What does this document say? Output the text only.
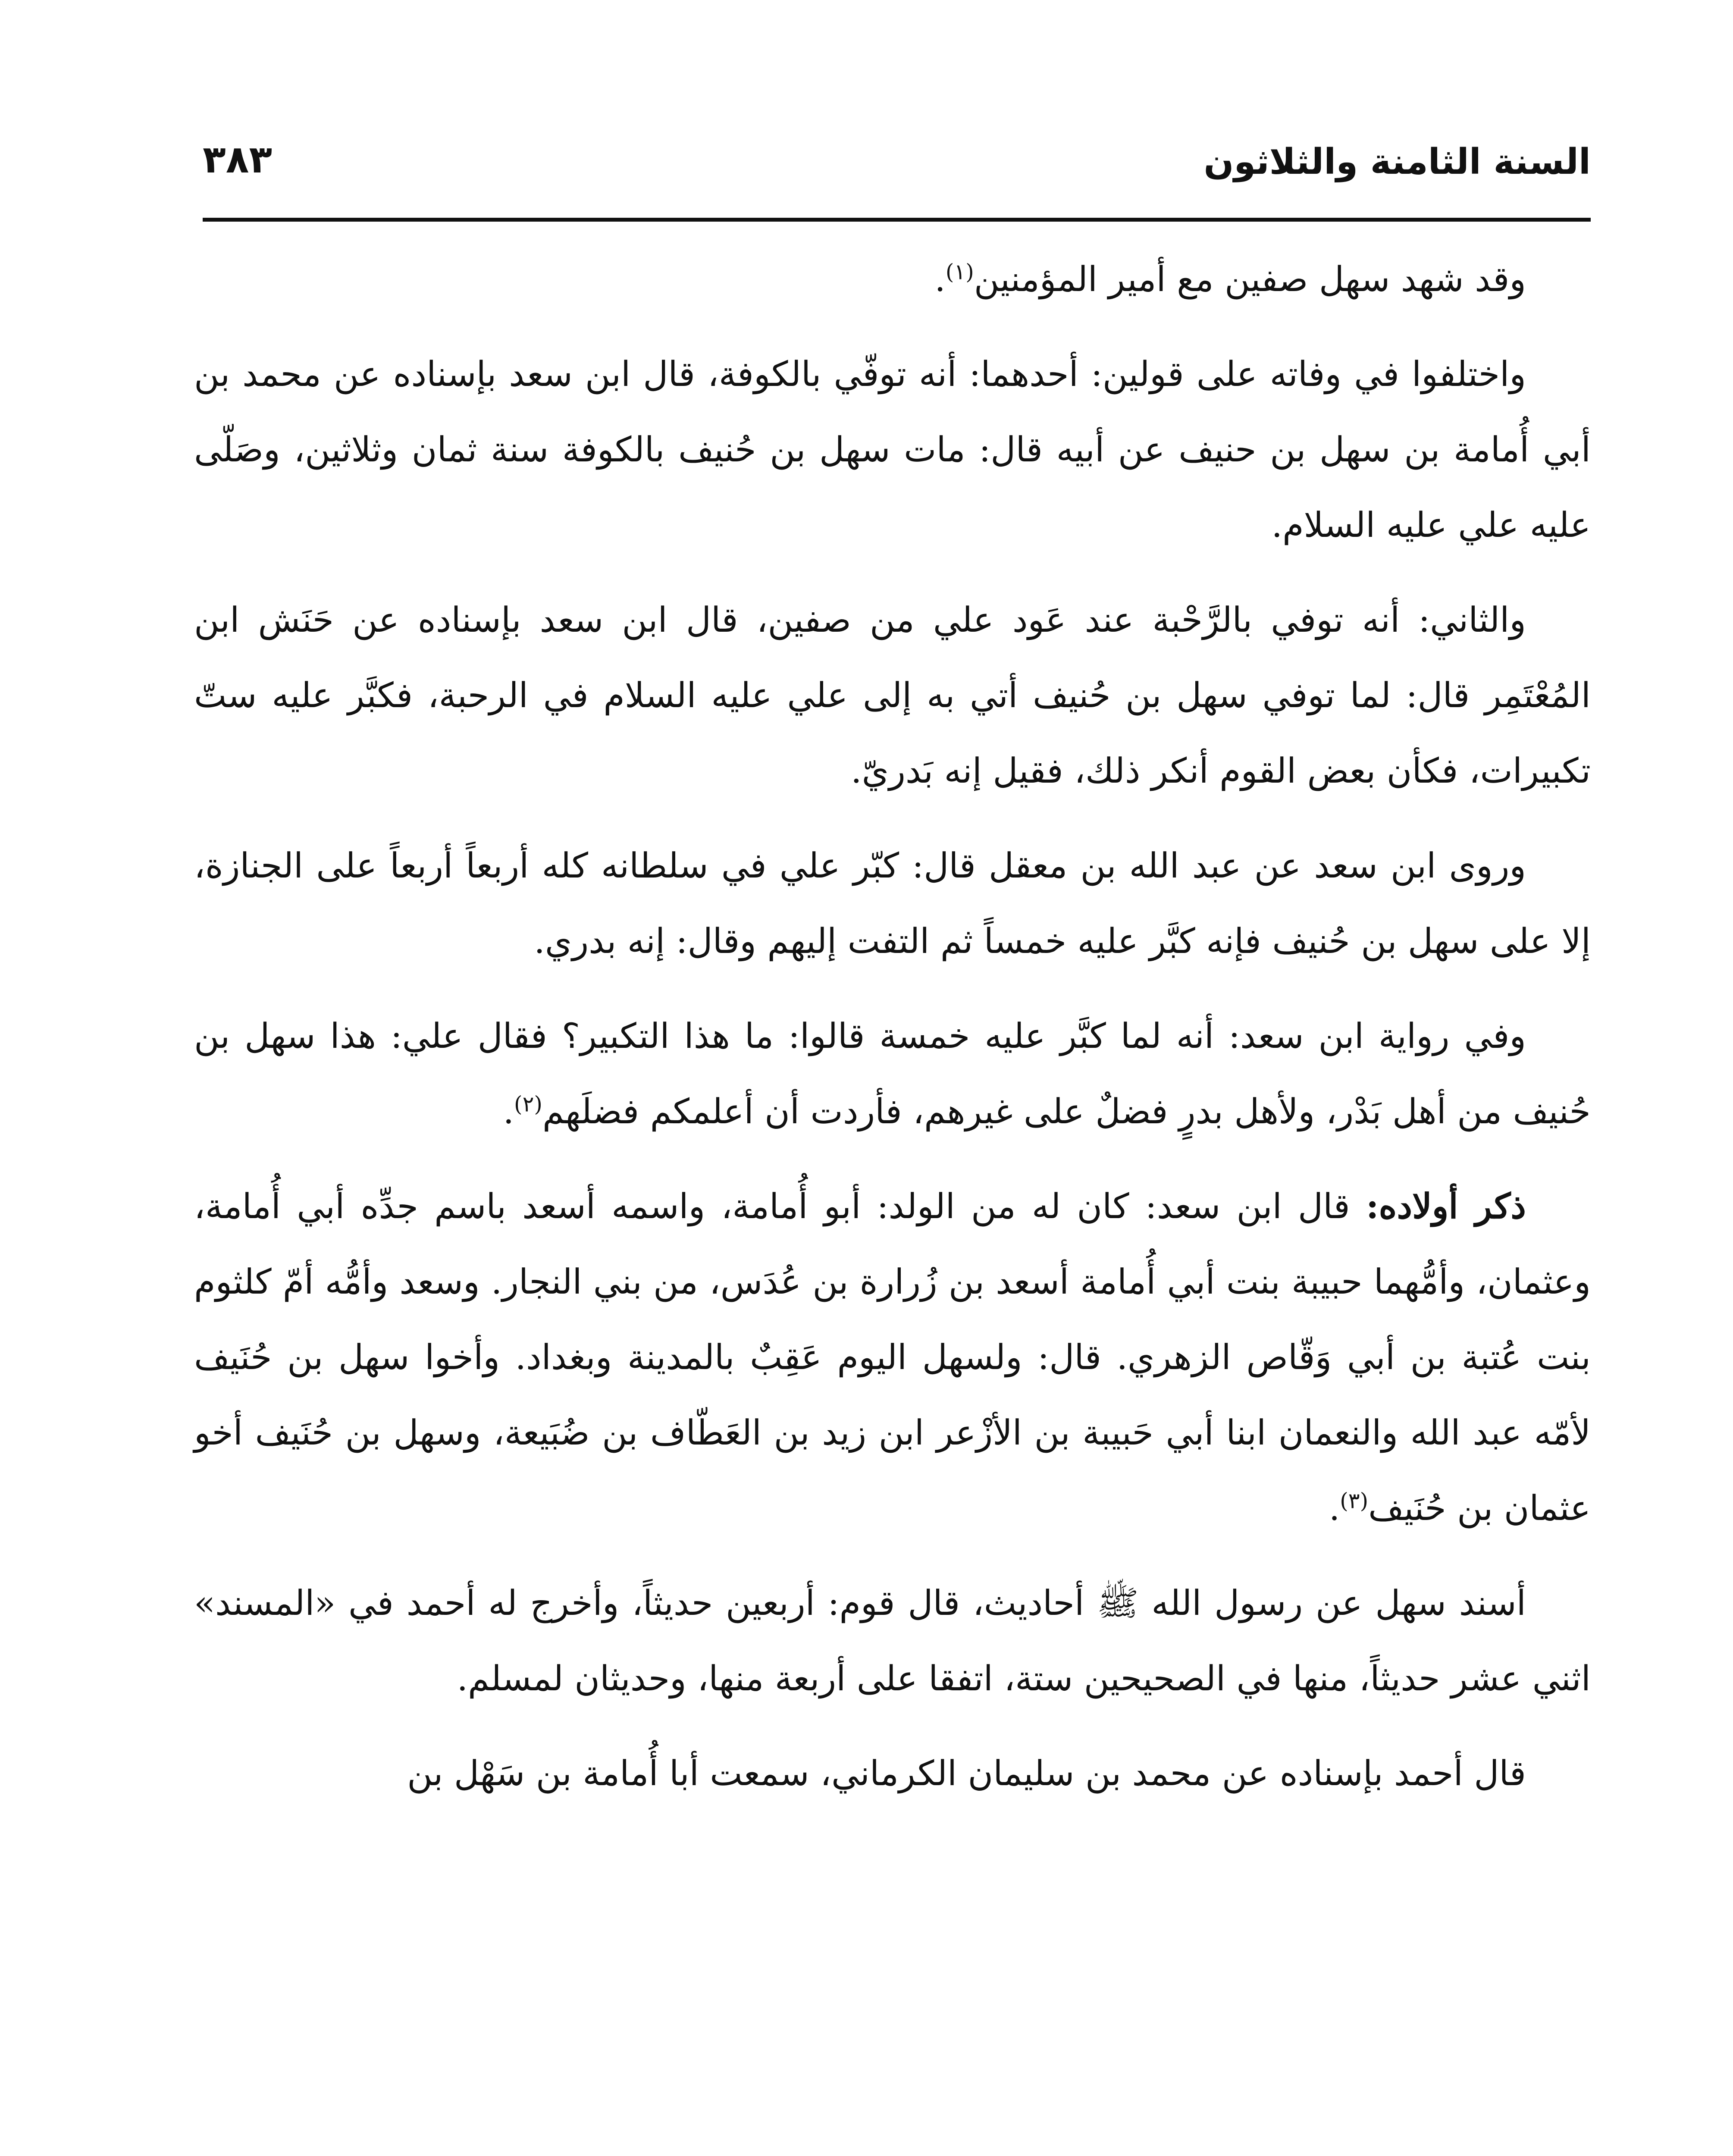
السنة الثامنة والثلاثون
٣٨٣

وقد شهد سهل صفين مع أمير المؤمنين$^{(١)}$.

واختلفوا في وفاته على قولين: أحدهما: أنه توفّي بالكوفة، قال ابن سعد بإسناده عن محمد بن أبي أُمامة بن سهل بن حنيف عن أبيه قال: مات سهل بن حُنيف بالكوفة سنة ثمان وثلاثين، وصَلّى عليه علي عليه السلام.

والثاني: أنه توفي بالرَّحْبة عند عَود علي من صفين، قال ابن سعد بإسناده عن حَنَش ابن المُعْتَمِر قال: لما توفي سهل بن حُنيف أتي به إلى علي عليه السلام في الرحبة، فكبَّر عليه ستّ تكبيرات، فكأن بعض القوم أنكر ذلك، فقيل إنه بَدريّ.

وروى ابن سعد عن عبد الله بن معقل قال: كبّر علي في سلطانه كله أربعاً أربعاً على الجنازة، إلا على سهل بن حُنيف فإنه كبَّر عليه خمساً ثم التفت إليهم وقال: إنه بدري.

وفي رواية ابن سعد: أنه لما كبَّر عليه خمسة قالوا: ما هذا التكبير؟ فقال علي: هذا سهل بن حُنيف من أهل بَدْر، ولأهل بدرٍ فضلٌ على غيرهم، فأردت أن أعلمكم فضلَهم$^{(٢)}$.

ذكر أولاده: قال ابن سعد: كان له من الولد: أبو أُمامة، واسمه أسعد باسم جدِّه أبي أُمامة، وعثمان، وأمُّهما حبيبة بنت أبي أُمامة أسعد بن زُرارة بن عُدَس، من بني النجار. وسعد وأمُّه أمّ كلثوم بنت عُتبة بن أبي وَقّاص الزهري. قال: ولسهل اليوم عَقِبٌ بالمدينة وبغداد. وأخوا سهل بن حُنَيف لأمّه عبد الله والنعمان ابنا أبي حَبيبة بن الأزْعر ابن زيد بن العَطّاف بن ضُبَيعة، وسهل بن حُنَيف أخو عثمان بن حُنَيف$^{(٣)}$.

أسند سهل عن رسول الله ﷺ أحاديث، قال قوم: أربعين حديثاً، وأخرج له أحمد في «المسند» اثني عشر حديثاً، منها في الصحيحين ستة، اتفقا على أربعة منها، وحديثان لمسلم.

قال أحمد بإسناده عن محمد بن سليمان الكرماني، سمعت أبا أُمامة بن سَهْل بن
